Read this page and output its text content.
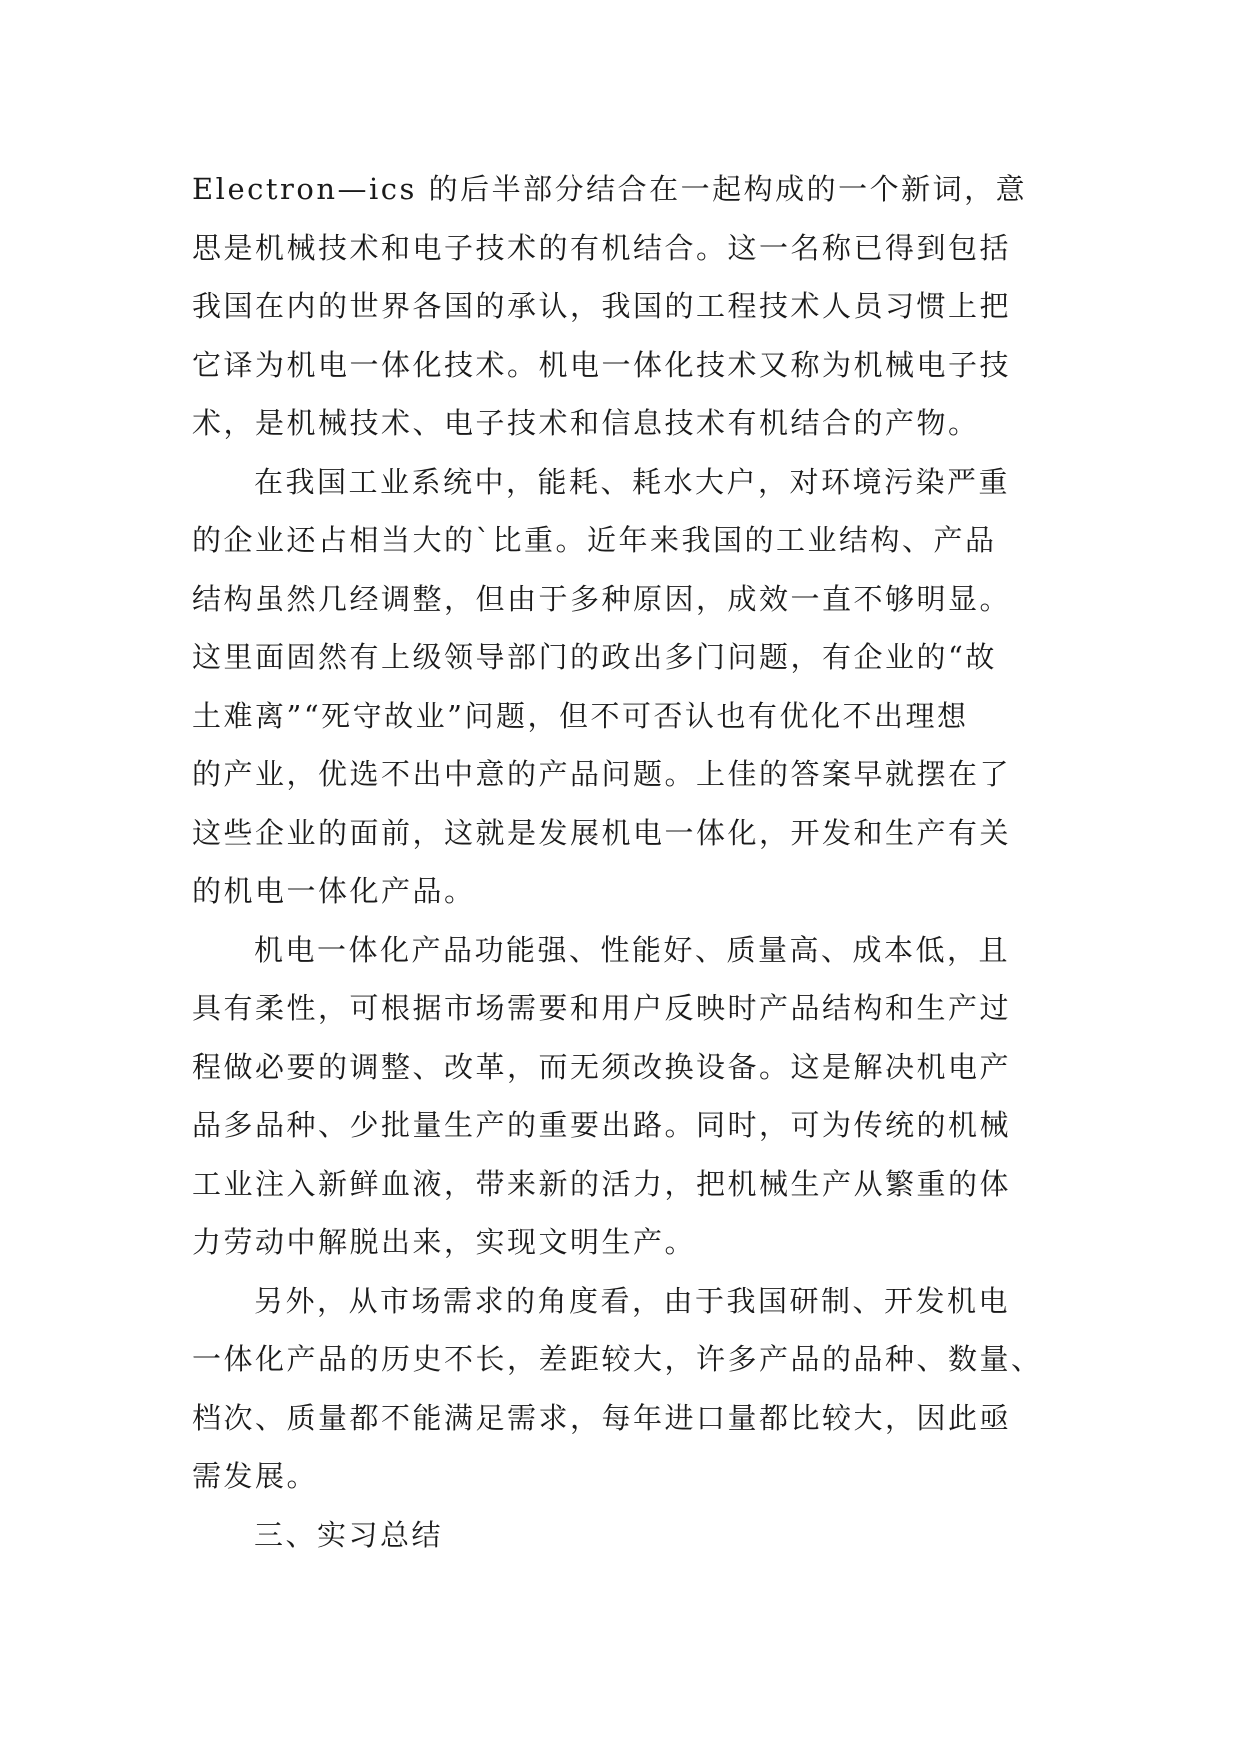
Electron—ics 的后半部分结合在一起构成的一个新词，意
思是机械技术和电子技术的有机结合。这一名称已得到包括
我国在内的世界各国的承认，我国的工程技术人员习惯上把
它译为机电一体化技术。机电一体化技术又称为机械电子技
术，是机械技术、电子技术和信息技术有机结合的产物。
在我国工业系统中，能耗、耗水大户，对环境污染严重
的企业还占相当大的`比重。近年来我国的工业结构、产品
结构虽然几经调整，但由于多种原因，成效一直不够明显。
这里面固然有上级领导部门的政出多门问题，有企业的“故
土难离”“死守故业”问题，但不可否认也有优化不出理想
的产业，优选不出中意的产品问题。上佳的答案早就摆在了
这些企业的面前，这就是发展机电一体化，开发和生产有关
的机电一体化产品。
机电一体化产品功能强、性能好、质量高、成本低，且
具有柔性，可根据市场需要和用户反映时产品结构和生产过
程做必要的调整、改革，而无须改换设备。这是解决机电产
品多品种、少批量生产的重要出路。同时，可为传统的机械
工业注入新鲜血液，带来新的活力，把机械生产从繁重的体
力劳动中解脱出来，实现文明生产。
另外，从市场需求的角度看，由于我国研制、开发机电
一体化产品的历史不长，差距较大，许多产品的品种、数量、
档次、质量都不能满足需求，每年进口量都比较大，因此亟
需发展。
三、实习总结
